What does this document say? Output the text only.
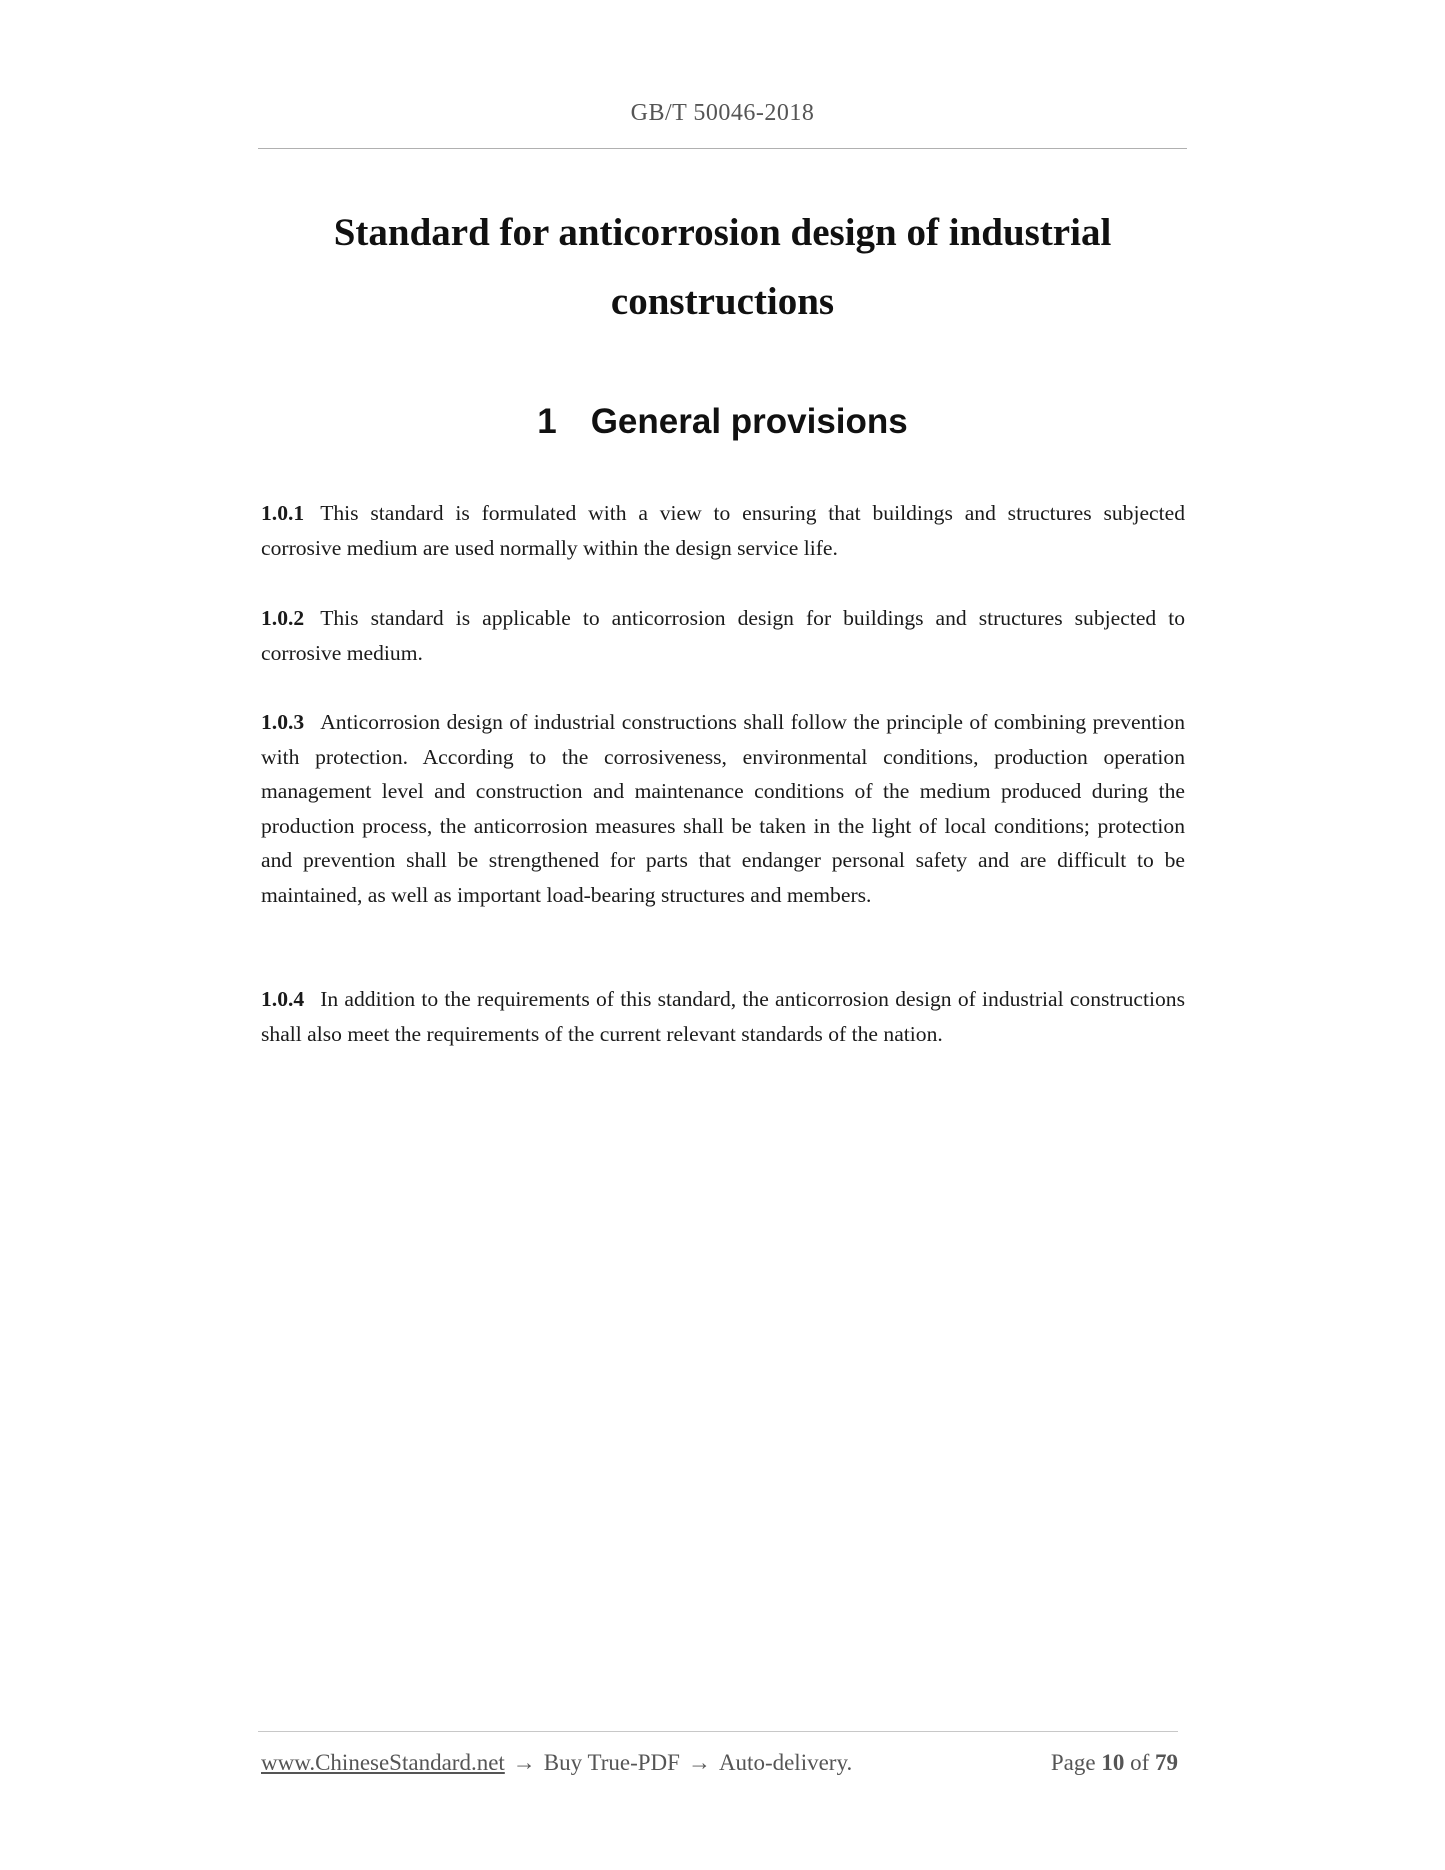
GB/T 50046-2018
Standard for anticorrosion design of industrial constructions
1 General provisions

1.0.1 This standard is formulated with a view to ensuring that buildings and structures subjected corrosive medium are used normally within the design service life.

1.0.2 This standard is applicable to anticorrosion design for buildings and structures subjected to corrosive medium.

1.0.3 Anticorrosion design of industrial constructions shall follow the principle of combining prevention with protection. According to the corrosiveness, environmental conditions, production operation management level and construction and maintenance conditions of the medium produced during the production process, the anticorrosion measures shall be taken in the light of local conditions; protection and prevention shall be strengthened for parts that endanger personal safety and are difficult to be maintained, as well as important load-bearing structures and members.

1.0.4 In addition to the requirements of this standard, the anticorrosion design of industrial constructions shall also meet the requirements of the current relevant standards of the nation.

www.ChineseStandard.net → Buy True-PDF → Auto-delivery.	Page 10 of 79
